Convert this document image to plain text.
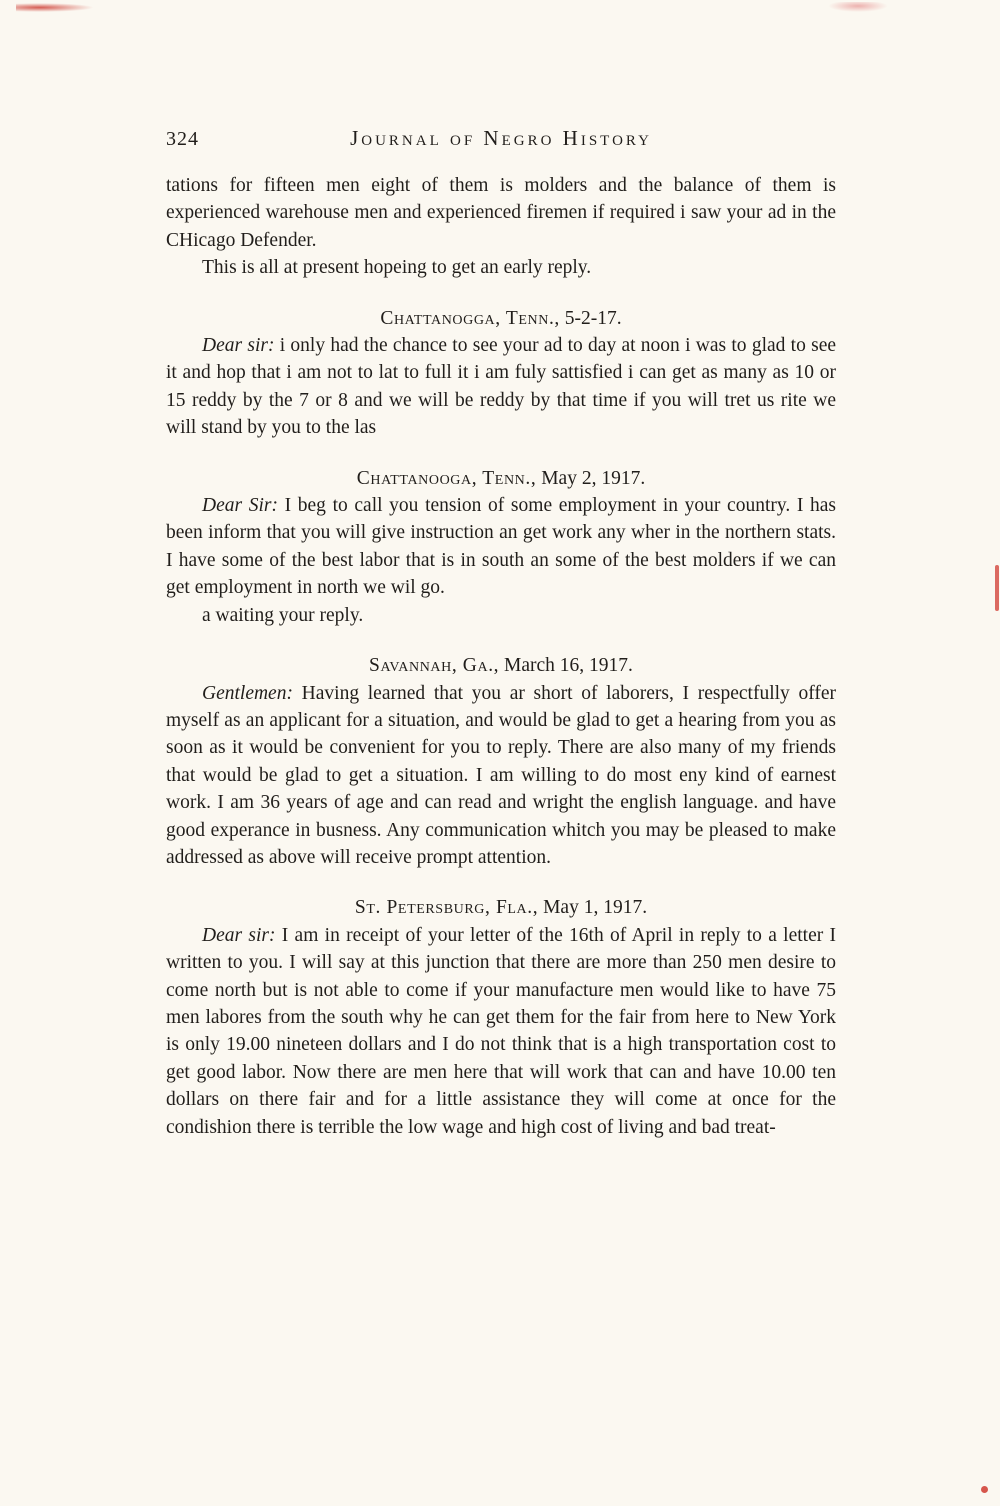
324	Journal of Negro History

tations for fifteen men eight of them is molders and the balance of them is experienced warehouse men and experienced firemen if required i saw your ad in the CHicago Defender.

This is all at present hopeing to get an early reply.

Chattanogga, Tenn., 5-2-17.

Dear sir: i only had the chance to see your ad to day at noon i was to glad to see it and hop that i am not to lat to full it i am fuly sattisfied i can get as many as 10 or 15 reddy by the 7 or 8 and we will be reddy by that time if you will tret us rite we will stand by you to the las

Chattanooga, Tenn., May 2, 1917.

Dear Sir: I beg to call you tension of some employment in your country. I has been inform that you will give instruction an get work any wher in the northern stats. I have some of the best labor that is in south an some of the best molders if we can get employment in north we wil go.

a waiting your reply.

Savannah, Ga., March 16, 1917.

Gentlemen: Having learned that you ar short of laborers, I respectfully offer myself as an applicant for a situation, and would be glad to get a hearing from you as soon as it would be convenient for you to reply. There are also many of my friends that would be glad to get a situation. I am willing to do most eny kind of earnest work. I am 36 years of age and can read and wright the english language. and have good experance in busness. Any communication whitch you may be pleased to make addressed as above will receive prompt attention.

St. Petersburg, Fla., May 1, 1917.

Dear sir: I am in receipt of your letter of the 16th of April in reply to a letter I written to you. I will say at this junction that there are more than 250 men desire to come north but is not able to come if your manufacture men would like to have 75 men labores from the south why he can get them for the fair from here to New York is only 19.00 nineteen dollars and I do not think that is a high transportation cost to get good labor. Now there are men here that will work that can and have 10.00 ten dollars on there fair and for a little assistance they will come at once for the condishion there is terrible the low wage and high cost of living and bad treat-
